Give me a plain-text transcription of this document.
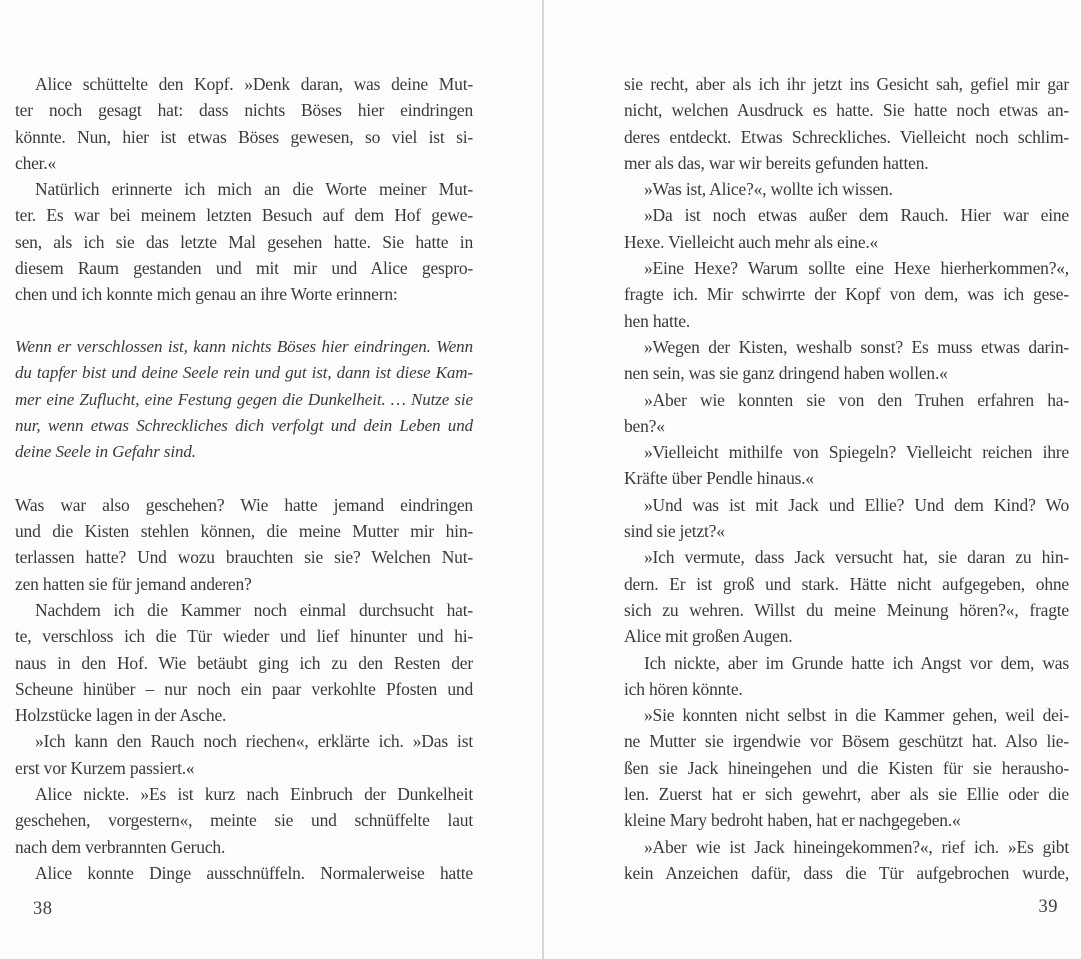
Alice schüttelte den Kopf. »Denk daran, was deine Mut-
ter noch gesagt hat: dass nichts Böses hier eindringen
könnte. Nun, hier ist etwas Böses gewesen, so viel ist si-
cher.«
Natürlich erinnerte ich mich an die Worte meiner Mut-
ter. Es war bei meinem letzten Besuch auf dem Hof gewe-
sen, als ich sie das letzte Mal gesehen hatte. Sie hatte in
diesem Raum gestanden und mit mir und Alice gespro-
chen und ich konnte mich genau an ihre Worte erinnern:
Wenn er verschlossen ist, kann nichts Böses hier eindringen. Wenn
du tapfer bist und deine Seele rein und gut ist, dann ist diese Kam-
mer eine Zuflucht, eine Festung gegen die Dunkelheit. … Nutze sie
nur, wenn etwas Schreckliches dich verfolgt und dein Leben und
deine Seele in Gefahr sind.
Was war also geschehen? Wie hatte jemand eindringen
und die Kisten stehlen können, die meine Mutter mir hin-
terlassen hatte? Und wozu brauchten sie sie? Welchen Nut-
zen hatten sie für jemand anderen?
Nachdem ich die Kammer noch einmal durchsucht hat-
te, verschloss ich die Tür wieder und lief hinunter und hi-
naus in den Hof. Wie betäubt ging ich zu den Resten der
Scheune hinüber – nur noch ein paar verkohlte Pfosten und
Holzstücke lagen in der Asche.
»Ich kann den Rauch noch riechen«, erklärte ich. »Das ist
erst vor Kurzem passiert.«
Alice nickte. »Es ist kurz nach Einbruch der Dunkelheit
geschehen, vorgestern«, meinte sie und schnüffelte laut
nach dem verbrannten Geruch.
Alice konnte Dinge ausschnüffeln. Normalerweise hatte
38
sie recht, aber als ich ihr jetzt ins Gesicht sah, gefiel mir gar
nicht, welchen Ausdruck es hatte. Sie hatte noch etwas an-
deres entdeckt. Etwas Schreckliches. Vielleicht noch schlim-
mer als das, war wir bereits gefunden hatten.
»Was ist, Alice?«, wollte ich wissen.
»Da ist noch etwas außer dem Rauch. Hier war eine
Hexe. Vielleicht auch mehr als eine.«
»Eine Hexe? Warum sollte eine Hexe hierherkommen?«,
fragte ich. Mir schwirrte der Kopf von dem, was ich gese-
hen hatte.
»Wegen der Kisten, weshalb sonst? Es muss etwas darin-
nen sein, was sie ganz dringend haben wollen.«
»Aber wie konnten sie von den Truhen erfahren ha-
ben?«
»Vielleicht mithilfe von Spiegeln? Vielleicht reichen ihre
Kräfte über Pendle hinaus.«
»Und was ist mit Jack und Ellie? Und dem Kind? Wo
sind sie jetzt?«
»Ich vermute, dass Jack versucht hat, sie daran zu hin-
dern. Er ist groß und stark. Hätte nicht aufgegeben, ohne
sich zu wehren. Willst du meine Meinung hören?«, fragte
Alice mit großen Augen.
Ich nickte, aber im Grunde hatte ich Angst vor dem, was
ich hören könnte.
»Sie konnten nicht selbst in die Kammer gehen, weil dei-
ne Mutter sie irgendwie vor Bösem geschützt hat. Also lie-
ßen sie Jack hineingehen und die Kisten für sie herausho-
len. Zuerst hat er sich gewehrt, aber als sie Ellie oder die
kleine Mary bedroht haben, hat er nachgegeben.«
»Aber wie ist Jack hineingekommen?«, rief ich. »Es gibt
kein Anzeichen dafür, dass die Tür aufgebrochen wurde,
39
